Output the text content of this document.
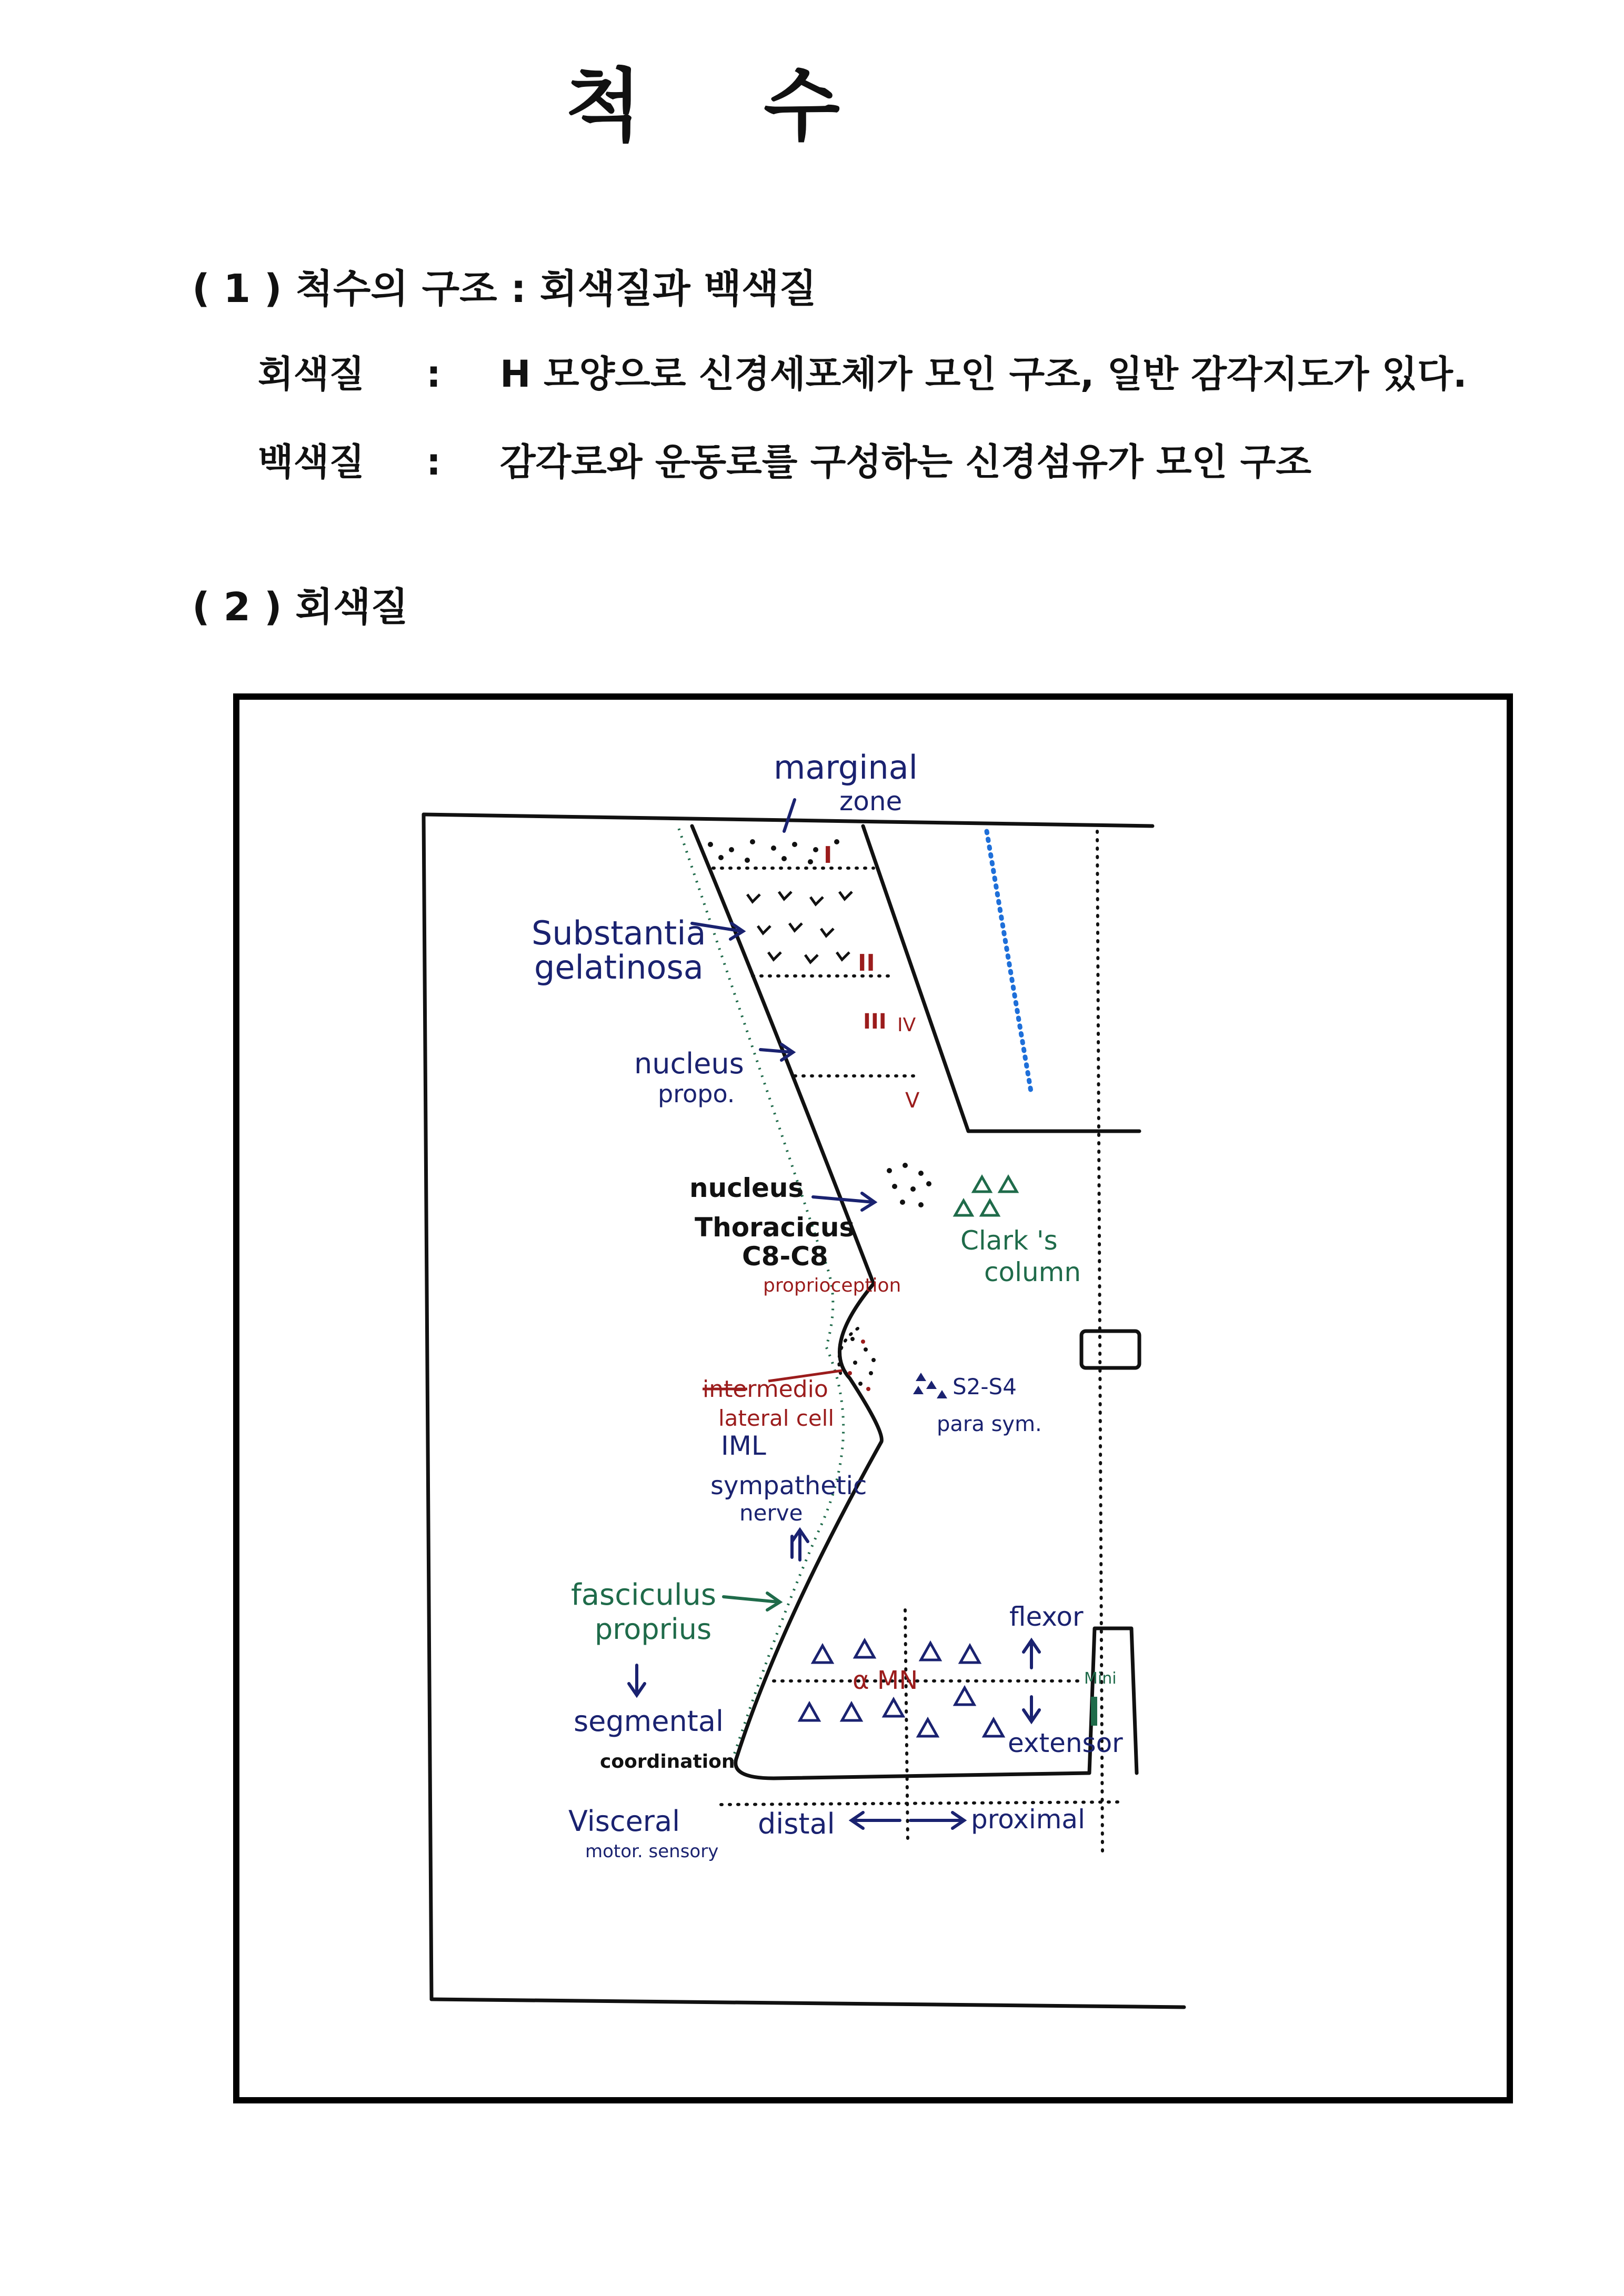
척 수
( 1 ) 척수의 구조 : 회색질과 백색질
회색질 : H 모양으로 신경세포체가 모인 구조, 일반 감각지도가 있다.
백색질 : 감각로와 운동로를 구성하는 신경섬유가 모인 구조
( 2 ) 회색질
marginal
zone
Substantia
gelatinosa
nucleus
propo.
IML
sympathetic
nerve
S2-S4
para sym.
segmental
Visceral
motor. sensory
flexor
extensor
distal	proximal
nucleus
Thoracicus
C8-C8
coordination
proprioception
intermedio
lateral cell
α MN
I
II
III IV
V
Clark 's
column
fasciculus
proprius
Mini
